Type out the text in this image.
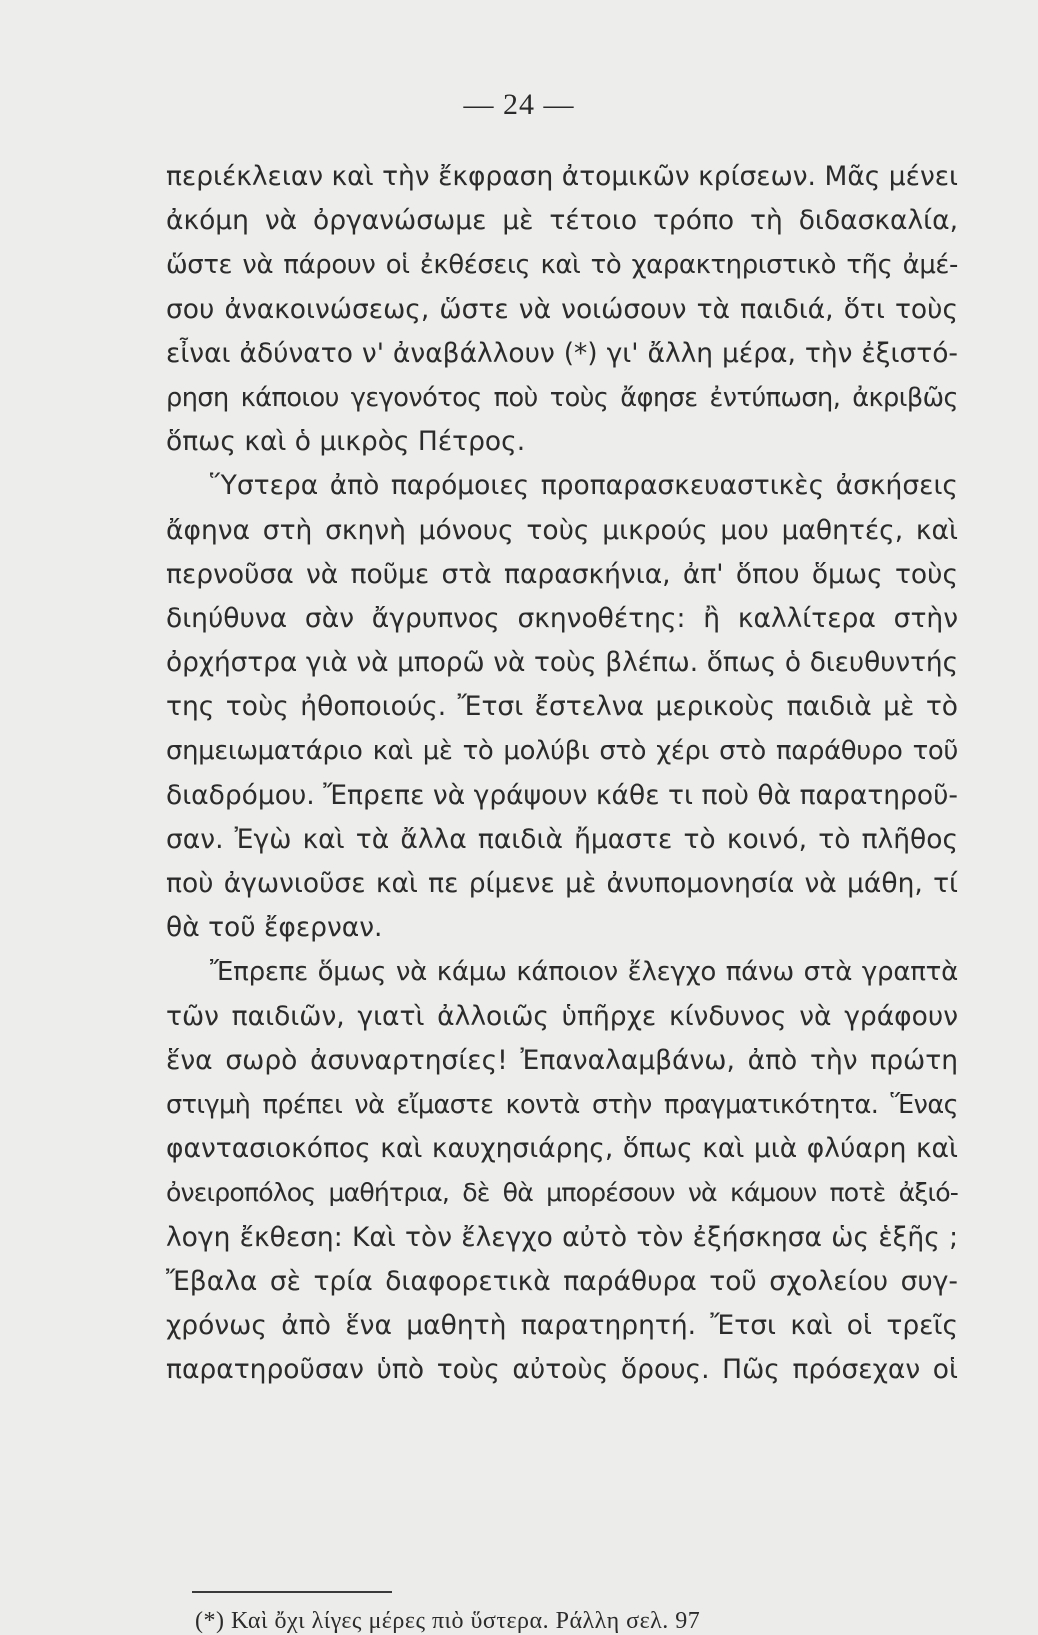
— 24 —
περιέκλειαν καὶ τὴν ἔκφραση ἀτομικῶν κρίσεων. Μᾶς μένει
ἀκόμη νὰ ὀργανώσωμε μὲ τέτοιο τρόπο τὴ διδασκαλία,
ὥστε νὰ πάρουν οἱ ἐκθέσεις καὶ τὸ χαρακτηριστικὸ τῆς ἀμέ-
σου ἀνακοινώσεως, ὥστε νὰ νοιώσουν τὰ παιδιά, ὅτι τοὺς
εἶναι ἀδύνατο ν' ἀναβάλλουν (*) γι' ἄλλη μέρα, τὴν ἐξιστό-
ρηση κάποιου γεγονότος ποὺ τοὺς ἄφησε ἐντύπωση, ἀκριβῶς
ὅπως καὶ ὁ μικρὸς Πέτρος.
Ὕστερα ἀπὸ παρόμοιες προπαρασκευαστικὲς ἀσκήσεις
ἄφηνα στὴ σκηνὴ μόνους τοὺς μικρούς μου μαθητές, καὶ
περνοῦσα νὰ ποῦμε στὰ παρασκήνια, ἀπ' ὅπου ὅμως τοὺς
διηύθυνα σὰν ἄγρυπνος σκηνοθέτης: ἢ καλλίτερα στὴν
ὀρχήστρα γιὰ νὰ μπορῶ νὰ τοὺς βλέπω. ὅπως ὁ διευθυντής
της τοὺς ἠθοποιούς. Ἔτσι ἔστελνα μερικοὺς παιδιὰ μὲ τὸ
σημειωματάριο καὶ μὲ τὸ μολύβι στὸ χέρι στὸ παράθυρο τοῦ
διαδρόμου. Ἔπρεπε νὰ γράψουν κάθε τι ποὺ θὰ παρατηροῦ-
σαν. Ἐγὼ καὶ τὰ ἄλλα παιδιὰ ἤμαστε τὸ κοινό, τὸ πλῆθος
ποὺ ἀγωνιοῦσε καὶ πε ρίμενε μὲ ἀνυπομονησία νὰ μάθη, τί
θὰ τοῦ ἔφερναν.
Ἔπρεπε ὅμως νὰ κάμω κάποιον ἔλεγχο πάνω στὰ γραπτὰ
τῶν παιδιῶν, γιατὶ ἀλλοιῶς ὑπῆρχε κίνδυνος νὰ γράφουν
ἕνα σωρὸ ἀσυναρτησίες! Ἐπαναλαμβάνω, ἀπὸ τὴν πρώτη
στιγμὴ πρέπει νὰ εἴμαστε κοντὰ στὴν πραγματικότητα. Ἕνας
φαντασιοκόπος καὶ καυχησιάρης, ὅπως καὶ μιὰ φλύαρη καὶ
ὀνειροπόλος μαθήτρια, δὲ θὰ μπορέσουν νὰ κάμουν ποτὲ ἀξιό-
λογη ἔκθεση: Καὶ τὸν ἔλεγχο αὐτὸ τὸν ἐξήσκησα ὡς ἑξῆς ;
Ἔβαλα σὲ τρία διαφορετικὰ παράθυρα τοῦ σχολείου συγ-
χρόνως ἀπὸ ἕνα μαθητὴ παρατηρητή. Ἔτσι καὶ οἱ τρεῖς
παρατηροῦσαν ὑπὸ τοὺς αὐτοὺς ὅρους. Πῶς πρόσεχαν οἱ
(*) Καὶ ὄχι λίγες μέρες πιὸ ὕστερα. Ράλλη σελ. 97
